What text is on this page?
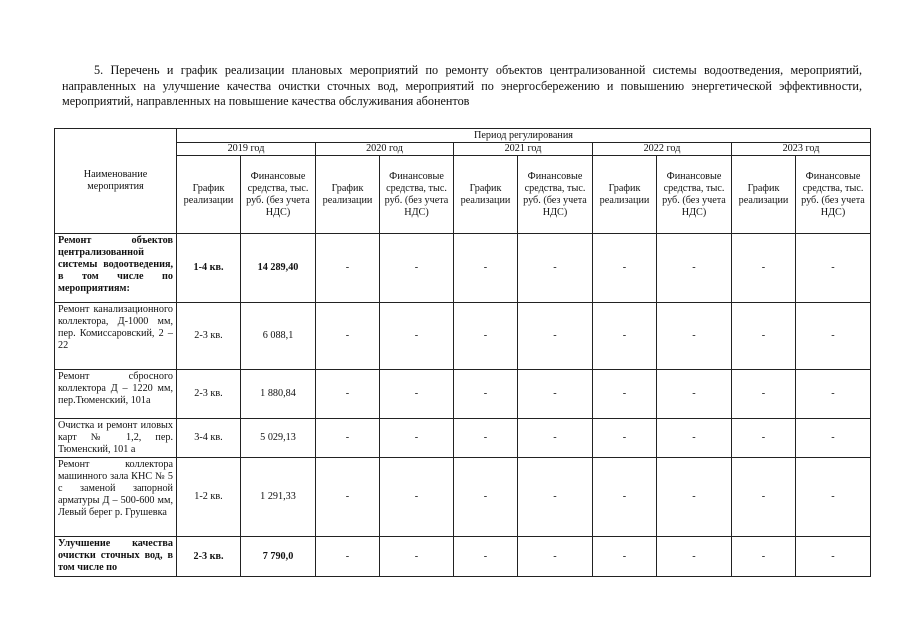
5. Перечень и график реализации плановых мероприятий по ремонту объектов централизованной системы водоотведения, мероприятий, направленных на улучшение качества очистки сточных вод, мероприятий по энергосбережению и повышению энергетической эффективности, мероприятий, направленных на повышение качества обслуживания абонентов
Наименование мероприятия	Период регулирования									
	2019 год		2020 год		2021 год		2022 год		2023 год	
	График реализации	Финансовые средства, тыс. руб. (без учета НДС)	График реализации	Финансовые средства, тыс. руб. (без учета НДС)	График реализации	Финансовые средства, тыс. руб. (без учета НДС)	График реализации	Финансовые средства, тыс. руб. (без учета НДС)	График реализации	Финансовые средства, тыс. руб. (без учета НДС)
Ремонт объектов централизованной системы водоотведения, в том числе по мероприятиям:	1-4 кв.	14 289,40	-	-	-	-	-	-	-	-
Ремонт канализационного коллектора, Д-1000 мм, пер. Комиссаровский, 2 – 22	2-3 кв.	6 088,1	-	-	-	-	-	-	-	-
Ремонт сбросного коллектора Д – 1220 мм, пер.Тюменский, 101а	2-3 кв.	1 880,84	-	-	-	-	-	-	-	-
Очистка и ремонт иловых карт № 1,2, пер. Тюменский, 101 а	3-4 кв.	5 029,13	-	-	-	-	-	-	-	-
Ремонт коллектора машинного зала КНС № 5 с заменой запорной арматуры Д – 500-600 мм, Левый берег р. Грушевка	1-2 кв.	1 291,33	-	-	-	-	-	-	-	-
Улучшение качества очистки сточных вод, в том числе по	2-3 кв.	7 790,0	-	-	-	-	-	-	-	-
